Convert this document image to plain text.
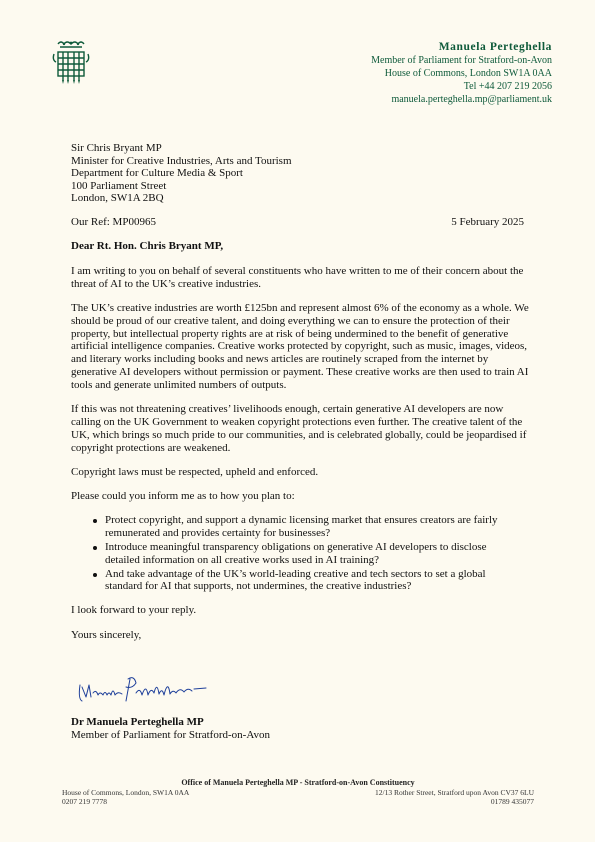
Manuela Perteghella
Member of Parliament for Stratford-on-Avon
House of Commons, London SW1A 0AA
Tel +44 207 219 2056
manuela.perteghella.mp@parliament.uk
Sir Chris Bryant MP
Minister for Creative Industries, Arts and Tourism
Department for Culture Media & Sport
100 Parliament Street
London, SW1A 2BQ
Our Ref: MP00965	5 February 2025
Dear Rt. Hon. Chris Bryant MP,

I am writing to you on behalf of several constituents who have written to me of their concern about the threat of AI to the UK’s creative industries.

The UK’s creative industries are worth £125bn and represent almost 6% of the economy as a whole. We should be proud of our creative talent, and doing everything we can to ensure the protection of their property, but intellectual property rights are at risk of being undermined to the benefit of generative artificial intelligence companies. Creative works protected by copyright, such as music, images, videos, and literary works including books and news articles are routinely scraped from the internet by generative AI developers without permission or payment. These creative works are then used to train AI tools and generate unlimited numbers of outputs.

If this was not threatening creatives’ livelihoods enough, certain generative AI developers are now calling on the UK Government to weaken copyright protections even further. The creative talent of the UK, which brings so much pride to our communities, and is celebrated globally, could be jeopardised if copyright protections are weakened.

Copyright laws must be respected, upheld and enforced.

Please could you inform me as to how you plan to:

Protect copyright, and support a dynamic licensing market that ensures creators are fairly remunerated and provides certainty for businesses?
Introduce meaningful transparency obligations on generative AI developers to disclose detailed information on all creative works used in AI training?
And take advantage of the UK’s world-leading creative and tech sectors to set a global standard for AI that supports, not undermines, the creative industries?

I look forward to your reply.

Yours sincerely,

Dr Manuela Perteghella MP
Member of Parliament for Stratford-on-Avon
Office of Manuela Perteghella MP - Stratford-on-Avon Constituency
House of Commons, London, SW1A 0AA	12/13 Rother Street, Stratford upon Avon CV37 6LU
0207 219 7778	01789 435077
